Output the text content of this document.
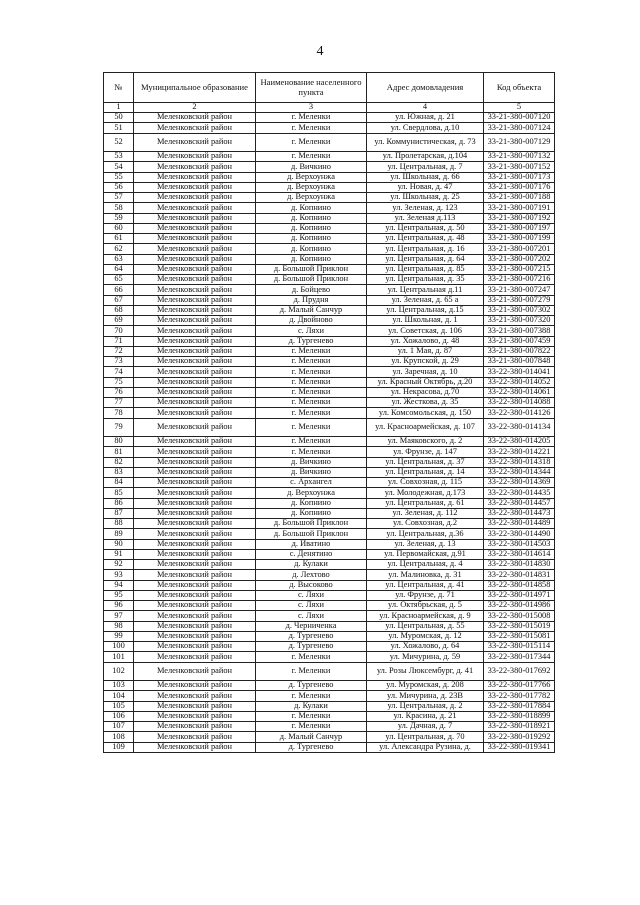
4
№	Муниципальное образование	Наименование населенного пункта	Адрес домовладения	Код объекта
1	2	3	4	5
50	Меленковский район	г. Меленки	ул. Южная, д. 21	33-21-380-007120
51	Меленковский район	г. Меленки	ул. Свердлова, д.10	33-21-380-007124
52	Меленковский район	г. Меленки	ул. Коммунистическая, д. 73	33-21-380-007129
53	Меленковский район	г. Меленки	ул. Пролетарская, д.104	33-21-380-007132
54	Меленковский район	д. Вичкино	ул. Центральная, д. 7	33-21-380-007152
55	Меленковский район	д. Верхоунжа	ул. Школьная, д. 66	33-21-380-007173
56	Меленковский район	д. Верхоунжа	ул. Новая, д. 47	33-21-380-007176
57	Меленковский район	д. Верхоунжа	ул. Школьная, д. 25	33-21-380-007188
58	Меленковский район	д. Копнино	ул. Зеленая, д. 123	33-21-380-007191
59	Меленковский район	д. Копнино	ул. Зеленая д.113	33-21-380-007192
60	Меленковский район	д. Копнино	ул. Центральная, д. 50	33-21-380-007197
61	Меленковский район	д. Копнино	ул. Центральная, д. 48	33-21-380-007199
62	Меленковский район	д. Копнино	ул. Центральная, д. 16	33-21-380-007201
63	Меленковский район	д. Копнино	ул. Центральная, д. 64	33-21-380-007202
64	Меленковский район	д. Большой Приклон	ул. Центральная, д. 85	33-21-380-007215
65	Меленковский район	д. Большой Приклон	ул. Центральная, д. 35	33-21-380-007216
66	Меленковский район	д. Бойцево	ул. Центральная д.11	33-21-380-007247
67	Меленковский район	д. Прудня	ул. Зеленая, д. 65 а	33-21-380-007279
68	Меленковский район	д. Малый Санчур	ул. Центральная, д.15	33-21-380-007302
69	Меленковский район	д. Двойново	ул. Школьная, д. 1	33-21-380-007320
70	Меленковский район	с. Ляхи	ул. Советская, д. 106	33-21-380-007388
71	Меленковский район	д. Тургенево	ул. Хожалово, д. 48	33-21-380-007459
72	Меленковский район	г. Меленки	ул. 1 Мая, д. 87	33-21-380-007822
73	Меленковский район	г. Меленки	ул. Крупской, д. 29	33-21-380-007848
74	Меленковский район	г. Меленки	ул. Заречная, д. 10	33-22-380-014041
75	Меленковский район	г. Меленки	ул. Красный Октябрь, д.20	33-22-380-014052
76	Меленковский район	г. Меленки	ул. Некрасова, д.70	33-22-380-014061
77	Меленковский район	г. Меленки	ул. Жесткова, д. 35	33-22-380-014088
78	Меленковский район	г. Меленки	ул. Комсомольская, д. 150	33-22-380-014126
79	Меленковский район	г. Меленки	ул. Красноармейская, д. 107	33-22-380-014134
80	Меленковский район	г. Меленки	ул. Маяковского, д. 2	33-22-380-014205
81	Меленковский район	г. Меленки	ул. Фрунзе, д. 147	33-22-380-014221
82	Меленковский район	д. Вичкино	ул. Центральная, д. 37	33-22-380-014318
83	Меленковский район	д. Вичкино	ул. Центральная, д. 14	33-22-380-014344
84	Меленковский район	с. Архангел	ул. Совхозная, д. 115	33-22-380-014369
85	Меленковский район	д. Верхоунжа	ул. Молодежная, д.173	33-22-380-014435
86	Меленковский район	д. Копнино	ул. Центральная, д. 61	33-22-380-014457
87	Меленковский район	д. Копнино	ул. Зеленая, д. 112	33-22-380-014473
88	Меленковский район	д. Большой Приклон	ул. Совхозная, д.2	33-22-380-014489
89	Меленковский район	д. Большой Приклон	ул. Центральная, д.36	33-22-380-014490
90	Меленковский район	д. Иватино	ул. Зеленая, д. 13	33-22-380-014503
91	Меленковский район	с. Денятино	ул. Первомайская, д.91	33-22-380-014614
92	Меленковский район	д. Кулаки	ул. Центральная, д. 4	33-22-380-014830
93	Меленковский район	д. Лехтово	ул. Малиновка, д. 31	33-22-380-014831
94	Меленковский район	д. Высоково	ул. Центральная, д. 41	33-22-380-014858
95	Меленковский район	с. Ляхи	ул. Фрунзе, д. 71	33-22-380-014971
96	Меленковский район	с. Ляхи	ул. Октябрьская, д. 5	33-22-380-014986
97	Меленковский район	с. Ляхи	ул. Красноармейская, д. 9	33-22-380-015008
98	Меленковский район	д. Черниченка	ул. Центральная, д. 55	33-22-380-015019
99	Меленковский район	д. Тургенево	ул. Муромская, д. 12	33-22-380-015081
100	Меленковский район	д. Тургенево	ул. Хожалово, д. 64	33-22-380-015114
101	Меленковский район	г. Меленки	ул. Мичурина, д. 59	33-22-380-017344
102	Меленковский район	г. Меленки	ул. Розы Люксембург, д. 41	33-22-380-017692
103	Меленковский район	д. Тургенево	ул. Муромская, д. 208	33-22-380-017766
104	Меленковский район	г. Меленки	ул. Мичурина, д. 23В	33-22-380-017782
105	Меленковский район	д. Кулаки	ул. Центральная, д. 2	33-22-380-017884
106	Меленковский район	г. Меленки	ул. Красина, д. 21	33-22-380-018899
107	Меленковский район	г. Меленки	ул. Дачная, д. 7	33-22-380-018921
108	Меленковский район	д. Малый Санчур	ул. Центральная, д. 70	33-22-380-019292
109	Меленковский район	д. Тургенево	ул. Александра Рузина, д.	33-22-380-019341
